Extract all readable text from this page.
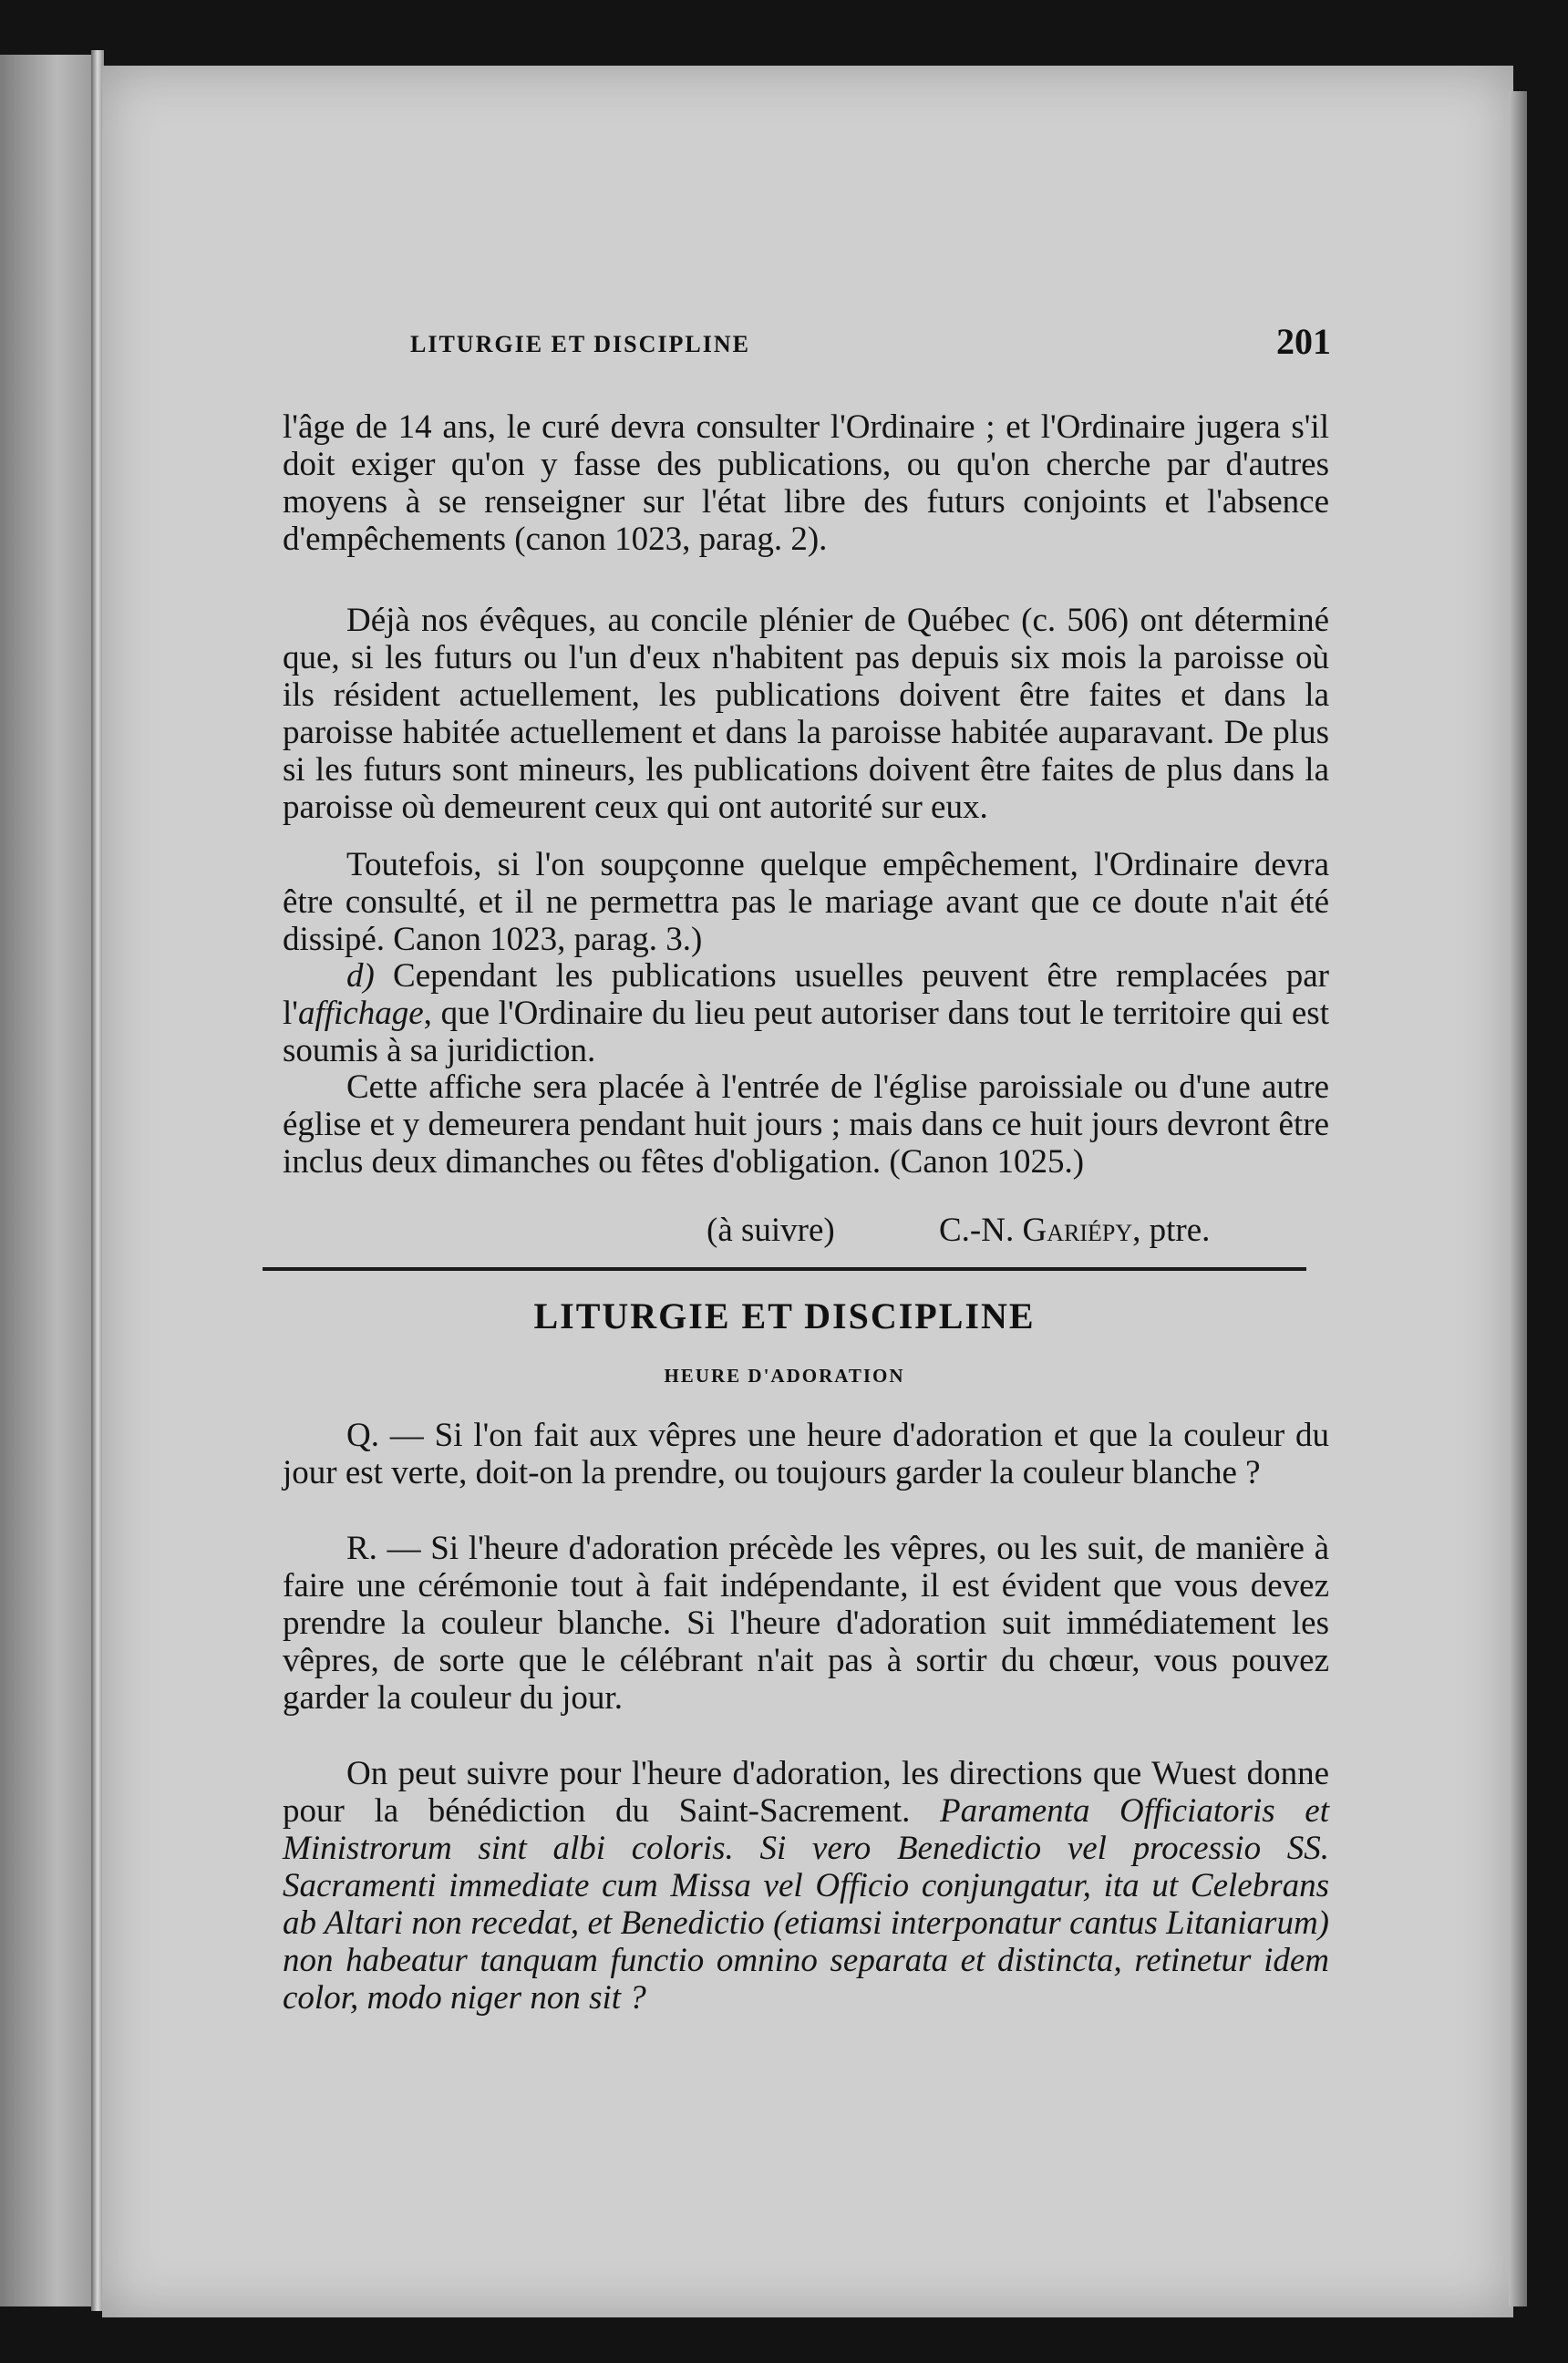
LITURGIE ET DISCIPLINE	201

l'âge de 14 ans, le curé devra consulter l'Ordinaire ; et l'Ordinaire jugera s'il doit exiger qu'on y fasse des publications, ou qu'on cherche par d'autres moyens à se renseigner sur l'état libre des futurs conjoints et l'absence d'empêchements (canon 1023, parag. 2).

Déjà nos évêques, au concile plénier de Québec (c. 506) ont déterminé que, si les futurs ou l'un d'eux n'habitent pas depuis six mois la paroisse où ils résident actuellement, les publications doivent être faites et dans la paroisse habitée actuellement et dans la paroisse habitée auparavant. De plus si les futurs sont mineurs, les publications doivent être faites de plus dans la paroisse où demeurent ceux qui ont autorité sur eux.

Toutefois, si l'on soupçonne quelque empêchement, l'Ordinaire devra être consulté, et il ne permettra pas le mariage avant que ce doute n'ait été dissipé. Canon 1023, parag. 3.)

d) Cependant les publications usuelles peuvent être remplacées par l'affichage, que l'Ordinaire du lieu peut autoriser dans tout le territoire qui est soumis à sa juridiction.

Cette affiche sera placée à l'entrée de l'église paroissiale ou d'une autre église et y demeurera pendant huit jours ; mais dans ce huit jours devront être inclus deux dimanches ou fêtes d'obligation. (Canon 1025.)

(à suivre)	C.-N. Gariépy, ptre.
LITURGIE ET DISCIPLINE
HEURE D'ADORATION

Q. — Si l'on fait aux vêpres une heure d'adoration et que la couleur du jour est verte, doit-on la prendre, ou toujours garder la couleur blanche ?

R. — Si l'heure d'adoration précède les vêpres, ou les suit, de manière à faire une cérémonie tout à fait indépendante, il est évident que vous devez prendre la couleur blanche. Si l'heure d'adoration suit immédiatement les vêpres, de sorte que le célébrant n'ait pas à sortir du chœur, vous pouvez garder la couleur du jour.

On peut suivre pour l'heure d'adoration, les directions que Wuest donne pour la bénédiction du Saint-Sacrement. Paramenta Officiatoris et Ministrorum sint albi coloris. Si vero Benedictio vel processio SS. Sacramenti immediate cum Missa vel Officio conjungatur, ita ut Celebrans ab Altari non recedat, et Benedictio (etiamsi interponatur cantus Litaniarum) non habeatur tanquam functio omnino separata et distincta, retinetur idem color, modo niger non sit ?
